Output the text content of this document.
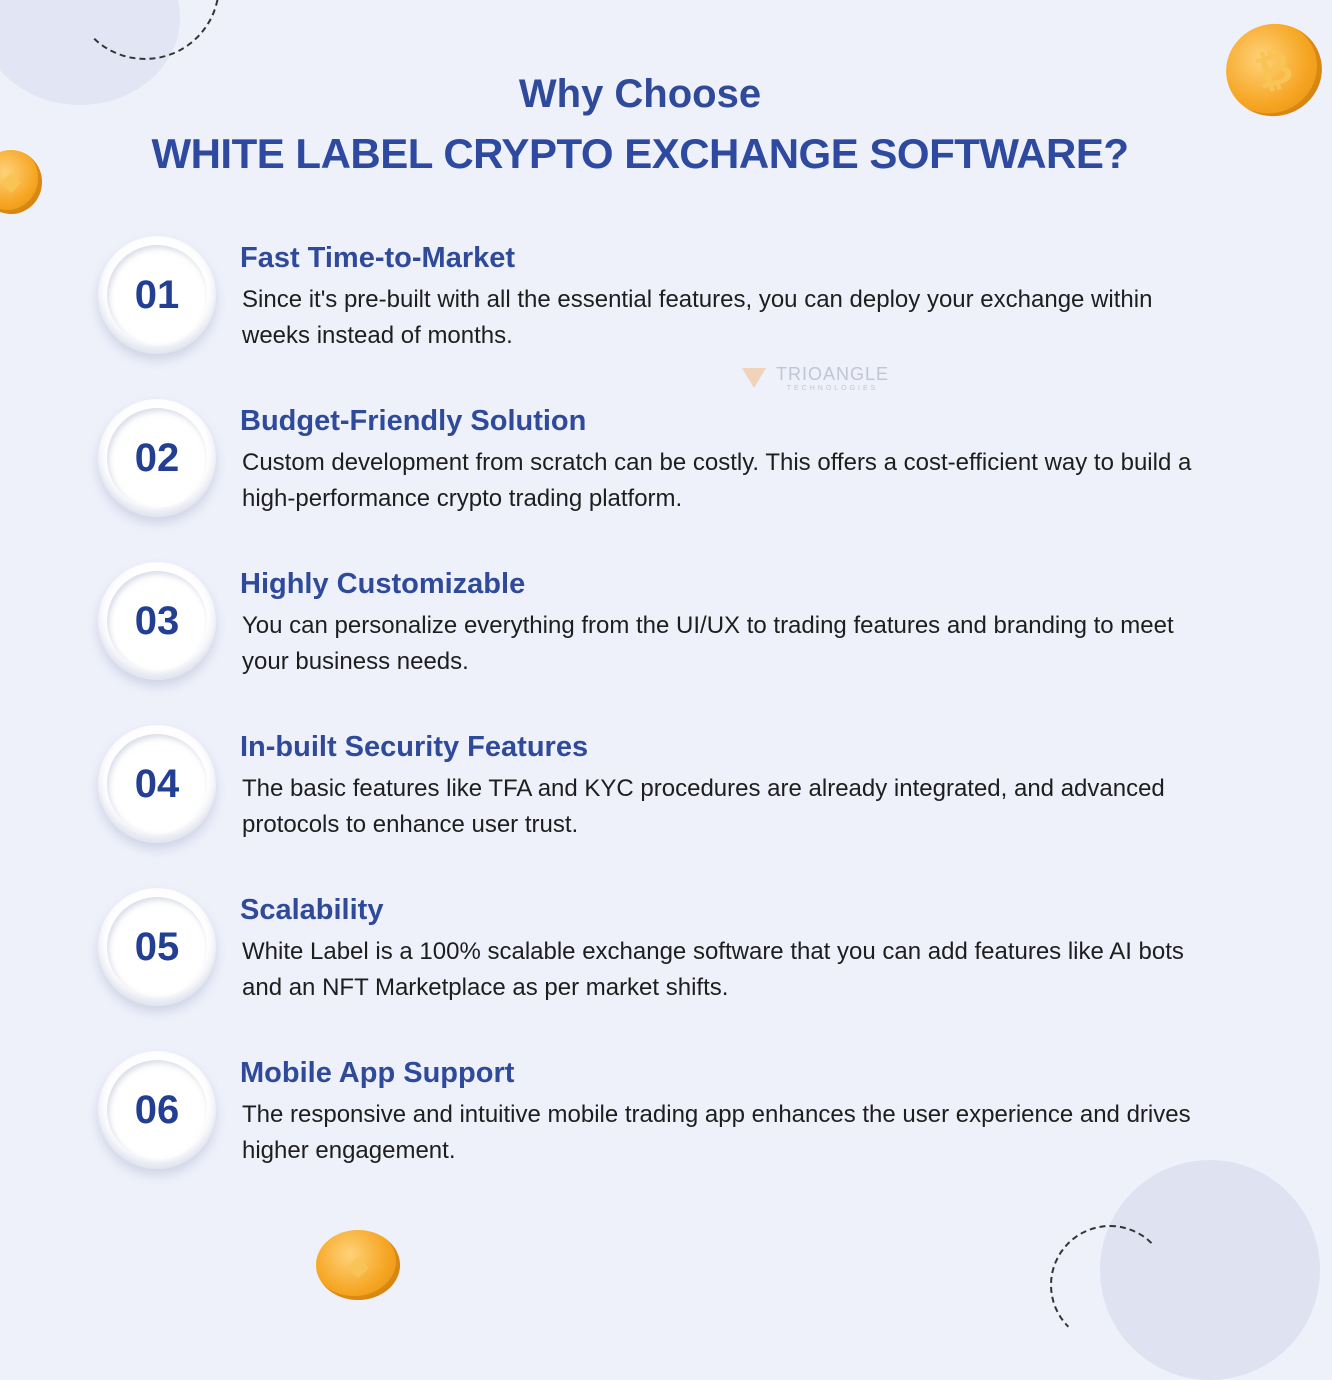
₿
◆
◆
Why Choose
WHITE LABEL CRYPTO EXCHANGE SOFTWARE?
TRIOANGLE
TECHNOLOGIES
01
Fast Time-to-Market
Since it's pre-built with all the essential features, you can deploy your exchange within weeks instead of months.
02
Budget-Friendly Solution
Custom development from scratch can be costly. This offers a cost-efficient way to build a high-performance crypto trading platform.
03
Highly Customizable
You can personalize everything from the UI/UX to trading features and branding to meet your business needs.
04
In-built Security Features
The basic features like TFA and KYC procedures are already integrated, and advanced protocols to enhance user trust.
05
Scalability
White Label is a 100% scalable exchange software that you can add features like AI bots and an NFT Marketplace as per market shifts.
06
Mobile App Support
The responsive and intuitive mobile trading app enhances the user experience and drives higher engagement.
